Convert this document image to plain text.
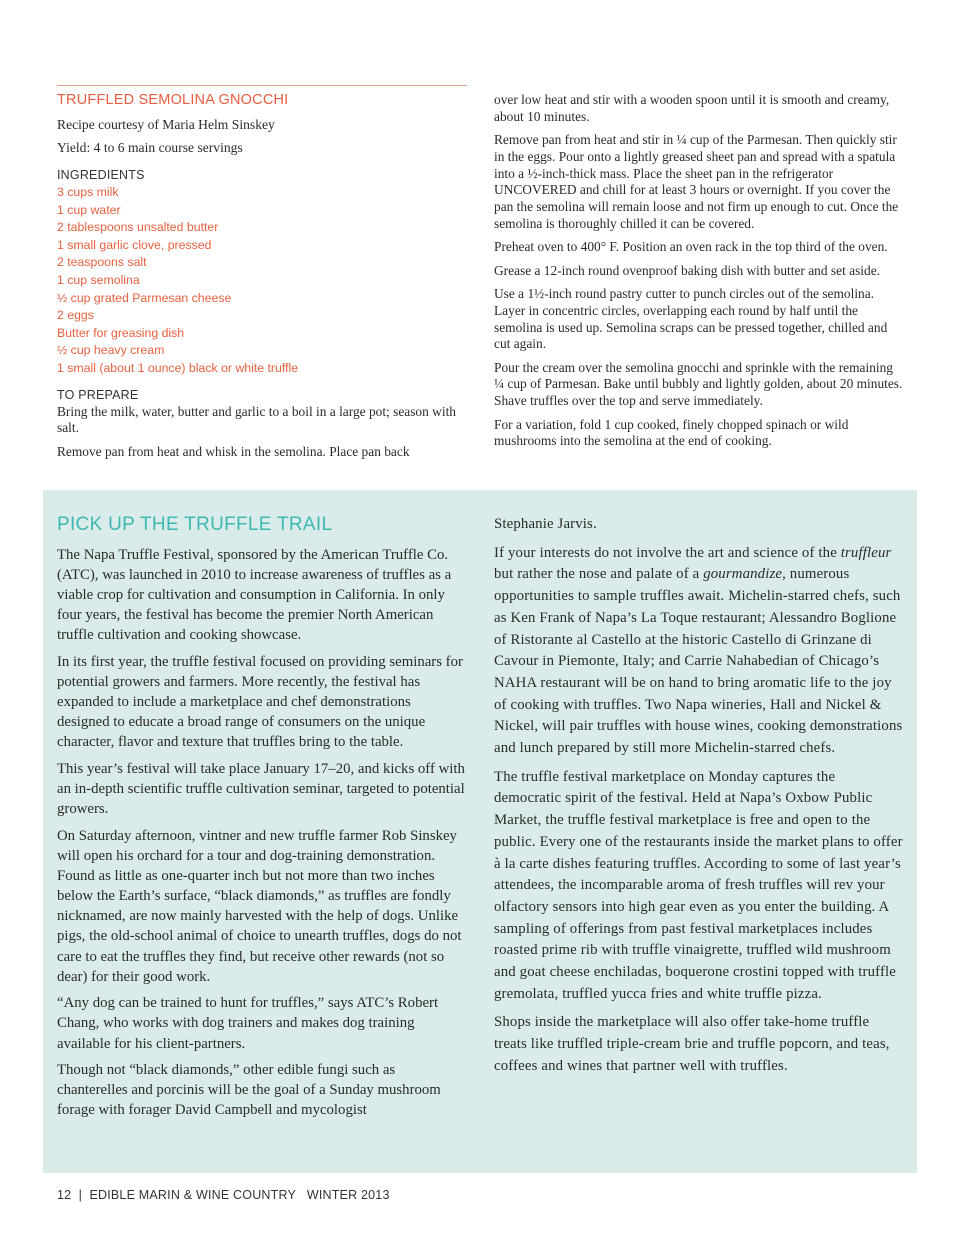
TRUFFLED SEMOLINA GNOCCHI

Recipe courtesy of Maria Helm Sinskey

Yield: 4 to 6 main course servings

INGREDIENTS
3 cups milk
1 cup water
2 tablespoons unsalted butter
1 small garlic clove, pressed
2 teaspoons salt
1 cup semolina
½ cup grated Parmesan cheese
2 eggs
Butter for greasing dish
½ cup heavy cream
1 small (about 1 ounce) black or white truffle
TO PREPARE

Bring the milk, water, butter and garlic to a boil in a large pot; season with salt.

Remove pan from heat and whisk in the semolina. Place pan back

over low heat and stir with a wooden spoon until it is smooth and creamy, about 10 minutes.

Remove pan from heat and stir in ¼ cup of the Parmesan. Then quickly stir in the eggs. Pour onto a lightly greased sheet pan and spread with a spatula into a ½-inch-thick mass. Place the sheet pan in the refrigerator UNCOVERED and chill for at least 3 hours or overnight. If you cover the pan the semolina will remain loose and not firm up enough to cut. Once the semolina is thoroughly chilled it can be covered.

Preheat oven to 400° F. Position an oven rack in the top third of the oven.

Grease a 12-inch round ovenproof baking dish with butter and set aside.

Use a 1½-inch round pastry cutter to punch circles out of the semolina. Layer in concentric circles, overlapping each round by half until the semolina is used up. Semolina scraps can be pressed together, chilled and cut again.

Pour the cream over the semolina gnocchi and sprinkle with the remaining ¼ cup of Parmesan. Bake until bubbly and lightly golden, about 20 minutes. Shave truffles over the top and serve immediately.

For a variation, fold 1 cup cooked, finely chopped spinach or wild mushrooms into the semolina at the end of cooking.

PICK UP THE TRUFFLE TRAIL

The Napa Truffle Festival, sponsored by the American Truffle Co. (ATC), was launched in 2010 to increase awareness of truffles as a viable crop for cultivation and consumption in California. In only four years, the festival has become the premier North American truffle cultivation and cooking showcase.

In its first year, the truffle festival focused on providing seminars for potential growers and farmers. More recently, the festival has expanded to include a marketplace and chef demonstrations designed to educate a broad range of consumers on the unique character, flavor and texture that truffles bring to the table.

This year’s festival will take place January 17–20, and kicks off with an in-depth scientific truffle cultivation seminar, targeted to potential growers.

On Saturday afternoon, vintner and new truffle farmer Rob Sinskey will open his orchard for a tour and dog-training demonstration. Found as little as one-quarter inch but not more than two inches below the Earth’s surface, “black diamonds,” as truffles are fondly nicknamed, are now mainly harvested with the help of dogs. Unlike pigs, the old-school animal of choice to unearth truffles, dogs do not care to eat the truffles they find, but receive other rewards (not so dear) for their good work.

“Any dog can be trained to hunt for truffles,” says ATC’s Robert Chang, who works with dog trainers and makes dog training available for his client-partners.

Though not “black diamonds,” other edible fungi such as chanterelles and porcinis will be the goal of a Sunday mushroom forage with forager David Campbell and mycologist

Stephanie Jarvis.

If your interests do not involve the art and science of the truffleur but rather the nose and palate of a gourmandize, numerous opportunities to sample truffles await. Michelin-starred chefs, such as Ken Frank of Napa’s La Toque restaurant; Alessandro Boglione of Ristorante al Castello at the historic Castello di Grinzane di Cavour in Piemonte, Italy; and Carrie Nahabedian of Chicago’s NAHA restaurant will be on hand to bring aromatic life to the joy of cooking with truffles. Two Napa wineries, Hall and Nickel & Nickel, will pair truffles with house wines, cooking demonstrations and lunch prepared by still more Michelin-starred chefs.

The truffle festival marketplace on Monday captures the democratic spirit of the festival. Held at Napa’s Oxbow Public Market, the truffle festival marketplace is free and open to the public. Every one of the restaurants inside the market plans to offer à la carte dishes featuring truffles. According to some of last year’s attendees, the incomparable aroma of fresh truffles will rev your olfactory sensors into high gear even as you enter the building. A sampling of offerings from past festival marketplaces includes roasted prime rib with truffle vinaigrette, truffled wild mushroom and goat cheese enchiladas, boquerone crostini topped with truffle gremolata, truffled yucca fries and white truffle pizza.

Shops inside the marketplace will also offer take-home truffle treats like truffled triple-cream brie and truffle popcorn, and teas, coffees and wines that partner well with truffles.

12  |  EDIBLE MARIN & WINE COUNTRY   WINTER 2013
